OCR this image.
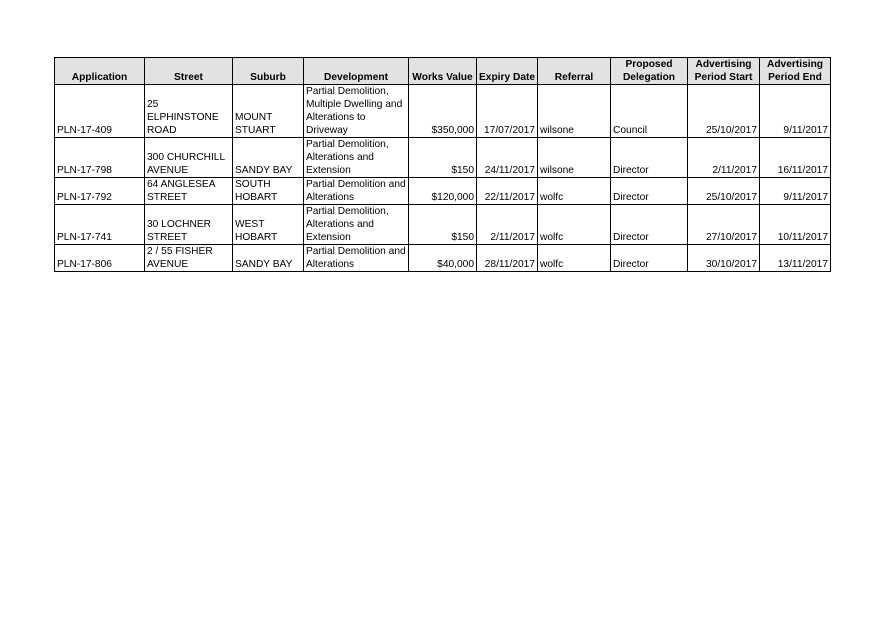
Application	Street	Suburb	Development	Works Value	Expiry Date	Referral	Proposed Delegation	Advertising Period Start	Advertising Period End
PLN-17-409	25 ELPHINSTONE ROAD	MOUNT STUART	Partial Demolition, Multiple Dwelling and Alterations to Driveway	$350,000	17/07/2017	wilsone	Council	25/10/2017	9/11/2017
PLN-17-798	300 CHURCHILL AVENUE	SANDY BAY	Partial Demolition, Alterations and Extension	$150	24/11/2017	wilsone	Director	2/11/2017	16/11/2017
PLN-17-792	64 ANGLESEA STREET	SOUTH HOBART	Partial Demolition and Alterations	$120,000	22/11/2017	wolfc	Director	25/10/2017	9/11/2017
PLN-17-741	30 LOCHNER STREET	WEST HOBART	Partial Demolition, Alterations and Extension	$150	2/11/2017	wolfc	Director	27/10/2017	10/11/2017
PLN-17-806	2 / 55 FISHER AVENUE	SANDY BAY	Partial Demolition and Alterations	$40,000	28/11/2017	wolfc	Director	30/10/2017	13/11/2017
